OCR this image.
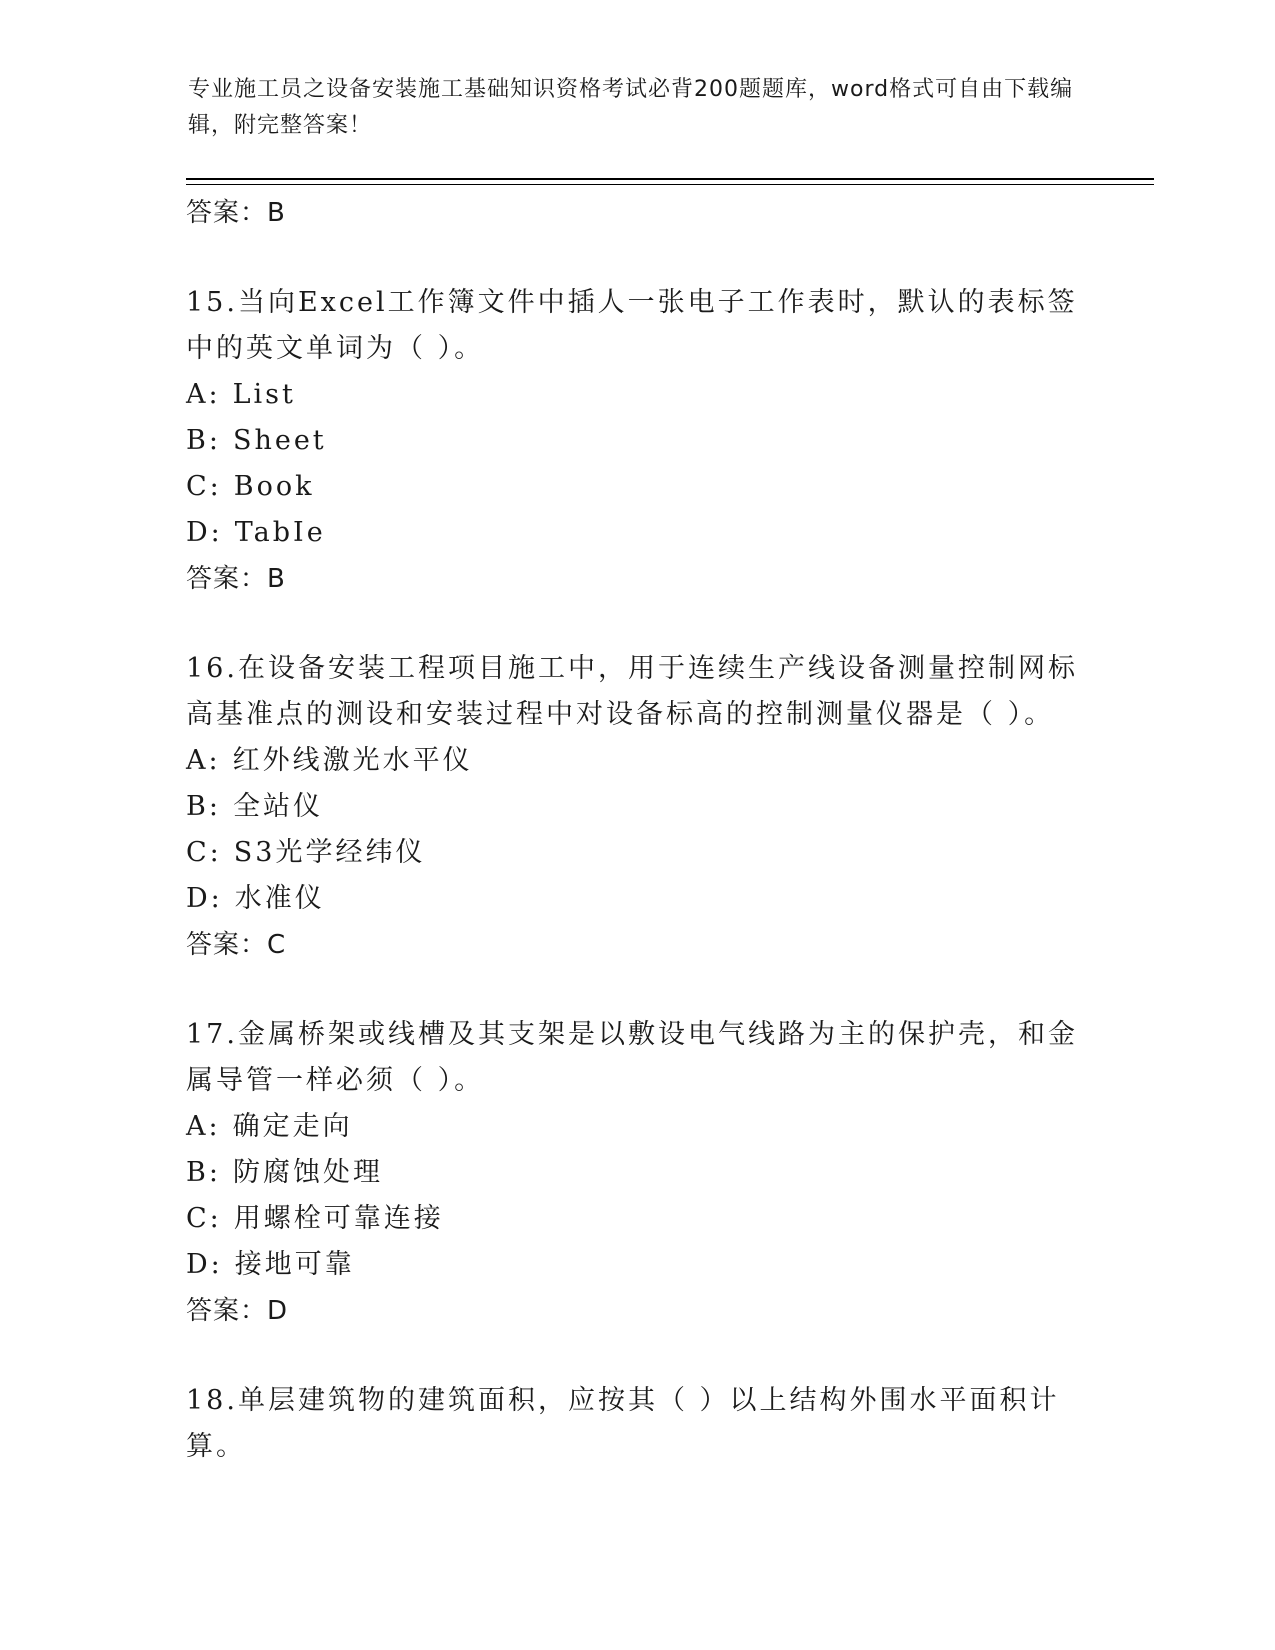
专业施工员之设备安装施工基础知识资格考试必背200题题库，word格式可自由下载编辑，附完整答案！
答案：B
15.当向Excel工作簿文件中插人一张电子工作表时，默认的表标签中的英文单词为（ ）。
A: List
B: Sheet
C: Book
D: TabIe
答案：B
16.在设备安装工程项目施工中，用于连续生产线设备测量控制网标高基准点的测设和安装过程中对设备标高的控制测量仪器是（ ）。
A: 红外线激光水平仪
B: 全站仪
C: S3光学经纬仪
D: 水准仪
答案：C
17.金属桥架或线槽及其支架是以敷设电气线路为主的保护壳，和金属导管一样必须（ ）。
A: 确定走向
B: 防腐蚀处理
C: 用螺栓可靠连接
D: 接地可靠
答案：D
18.单层建筑物的建筑面积，应按其（ ）以上结构外围水平面积计算。
